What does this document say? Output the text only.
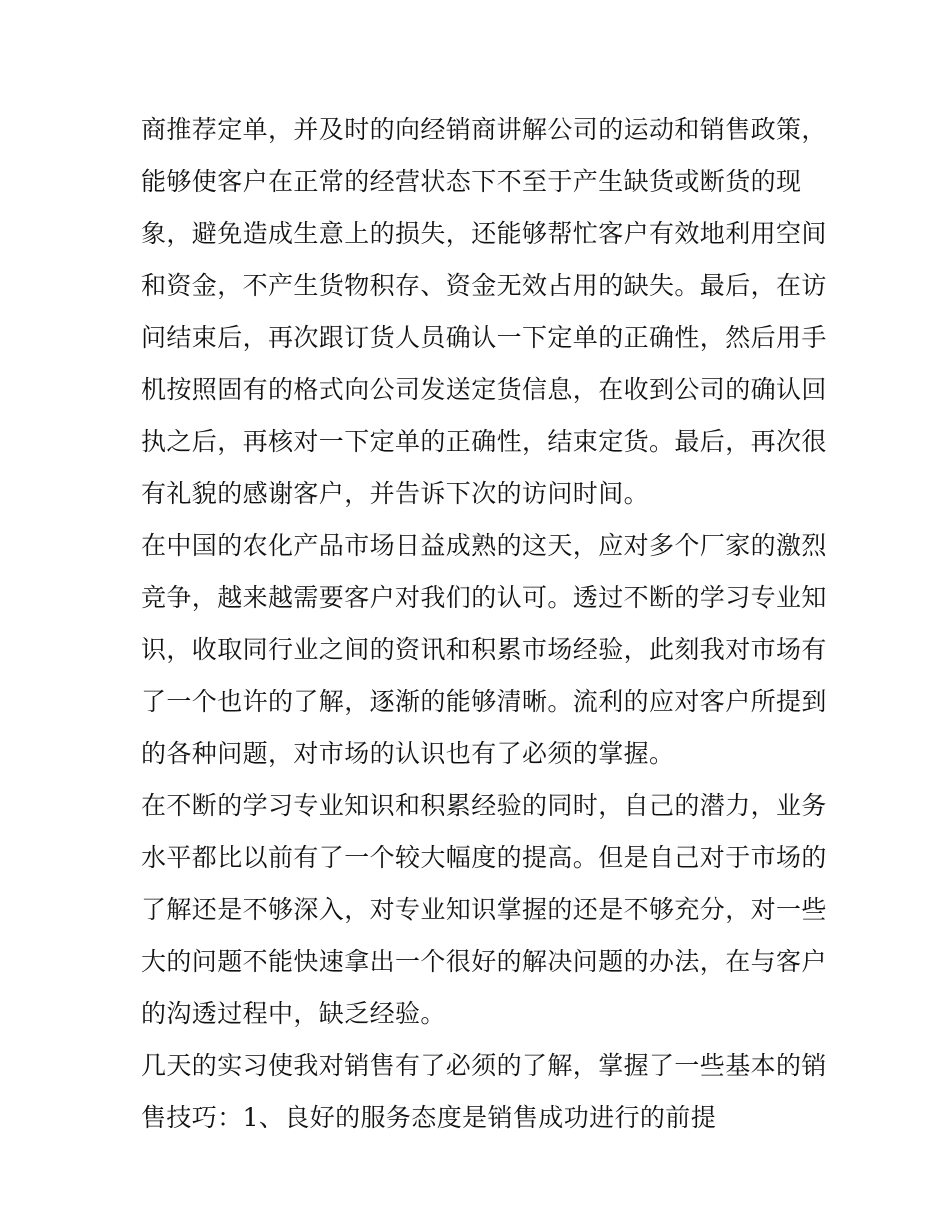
商推荐定单，并及时的向经销商讲解公司的运动和销售政策，
能够使客户在正常的经营状态下不至于产生缺货或断货的现
象，避免造成生意上的损失，还能够帮忙客户有效地利用空间
和资金，不产生货物积存、资金无效占用的缺失。最后，在访
问结束后，再次跟订货人员确认一下定单的正确性，然后用手
机按照固有的格式向公司发送定货信息，在收到公司的确认回
执之后，再核对一下定单的正确性，结束定货。最后，再次很
有礼貌的感谢客户，并告诉下次的访问时间。
在中国的农化产品市场日益成熟的这天，应对多个厂家的激烈
竞争，越来越需要客户对我们的认可。透过不断的学习专业知
识，收取同行业之间的资讯和积累市场经验，此刻我对市场有
了一个也许的了解，逐渐的能够清晰。流利的应对客户所提到
的各种问题，对市场的认识也有了必须的掌握。
在不断的学习专业知识和积累经验的同时，自己的潜力，业务
水平都比以前有了一个较大幅度的提高。但是自己对于市场的
了解还是不够深入，对专业知识掌握的还是不够充分，对一些
大的问题不能快速拿出一个很好的解决问题的办法，在与客户
的沟透过程中，缺乏经验。
几天的实习使我对销售有了必须的了解，掌握了一些基本的销
售技巧：1、良好的服务态度是销售成功进行的前提
